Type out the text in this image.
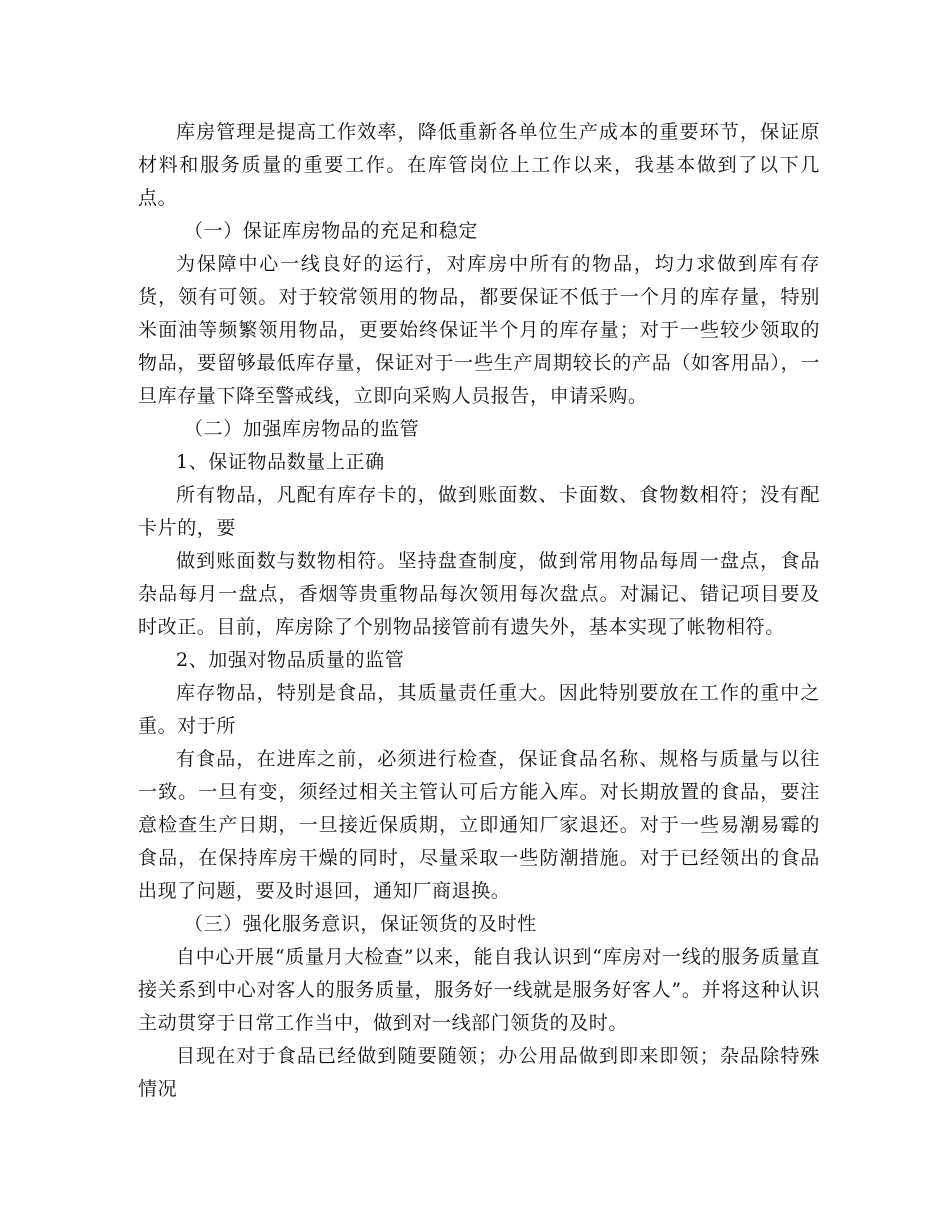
库房管理是提高工作效率，降低重新各单位生产成本的重要环节，保证原材料和服务质量的重要工作。在库管岗位上工作以来，我基本做到了以下几点。

（一）保证库房物品的充足和稳定

为保障中心一线良好的运行，对库房中所有的物品，均力求做到库有存货，领有可领。对于较常领用的物品，都要保证不低于一个月的库存量，特别米面油等频繁领用物品，更要始终保证半个月的库存量；对于一些较少领取的物品，要留够最低库存量，保证对于一些生产周期较长的产品（如客用品），一旦库存量下降至警戒线，立即向采购人员报告，申请采购。

（二）加强库房物品的监管

1、保证物品数量上正确

所有物品，凡配有库存卡的，做到账面数、卡面数、食物数相符；没有配卡片的，要

做到账面数与数物相符。坚持盘查制度，做到常用物品每周一盘点，食品杂品每月一盘点，香烟等贵重物品每次领用每次盘点。对漏记、错记项目要及时改正。目前，库房除了个别物品接管前有遗失外，基本实现了帐物相符。

2、加强对物品质量的监管

库存物品，特别是食品，其质量责任重大。因此特别要放在工作的重中之重。对于所

有食品，在进库之前，必须进行检查，保证食品名称、规格与质量与以往一致。一旦有变，须经过相关主管认可后方能入库。对长期放置的食品，要注意检查生产日期，一旦接近保质期，立即通知厂家退还。对于一些易潮易霉的食品，在保持库房干燥的同时，尽量采取一些防潮措施。对于已经领出的食品出现了问题，要及时退回，通知厂商退换。

（三）强化服务意识，保证领货的及时性

自中心开展“质量月大检查”以来，能自我认识到“库房对一线的服务质量直接关系到中心对客人的服务质量，服务好一线就是服务好客人”。并将这种认识主动贯穿于日常工作当中，做到对一线部门领货的及时。

目现在对于食品已经做到随要随领；办公用品做到即来即领；杂品除特殊情况
